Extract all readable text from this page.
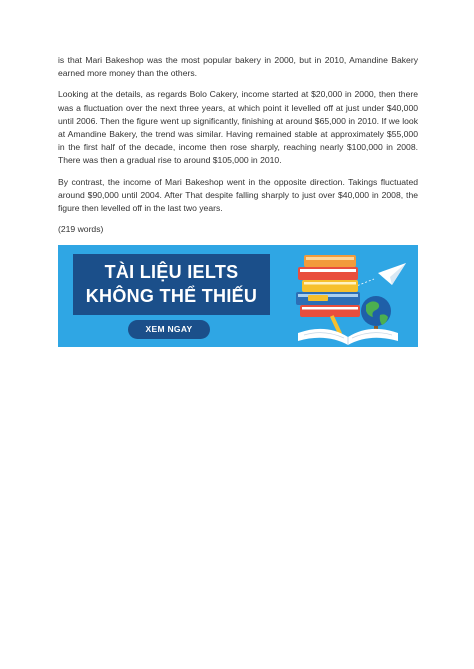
is that Mari Bakeshop was the most popular bakery in 2000, but in 2010, Amandine Bakery earned more money than the others.

Looking at the details, as regards Bolo Cakery, income started at $20,000 in 2000, then there was a fluctuation over the next three years, at which point it levelled off at just under $40,000 until 2006. Then the figure went up significantly, finishing at around $65,000 in 2010. If we look at Amandine Bakery, the trend was similar. Having remained stable at approximately $55,000 in the first half of the decade, income then rose sharply, reaching nearly $100,000 in 2008. There was then a gradual rise to around $105,000 in 2010.

By contrast, the income of Mari Bakeshop went in the opposite direction. Takings fluctuated around $90,000 until 2004. After That despite falling sharply to just over $40,000 in 2008, the figure then levelled off in the last two years.

(219 words)

TÀI LIỆU IELTS
KHÔNG THỂ THIẾU
XEM NGAY
